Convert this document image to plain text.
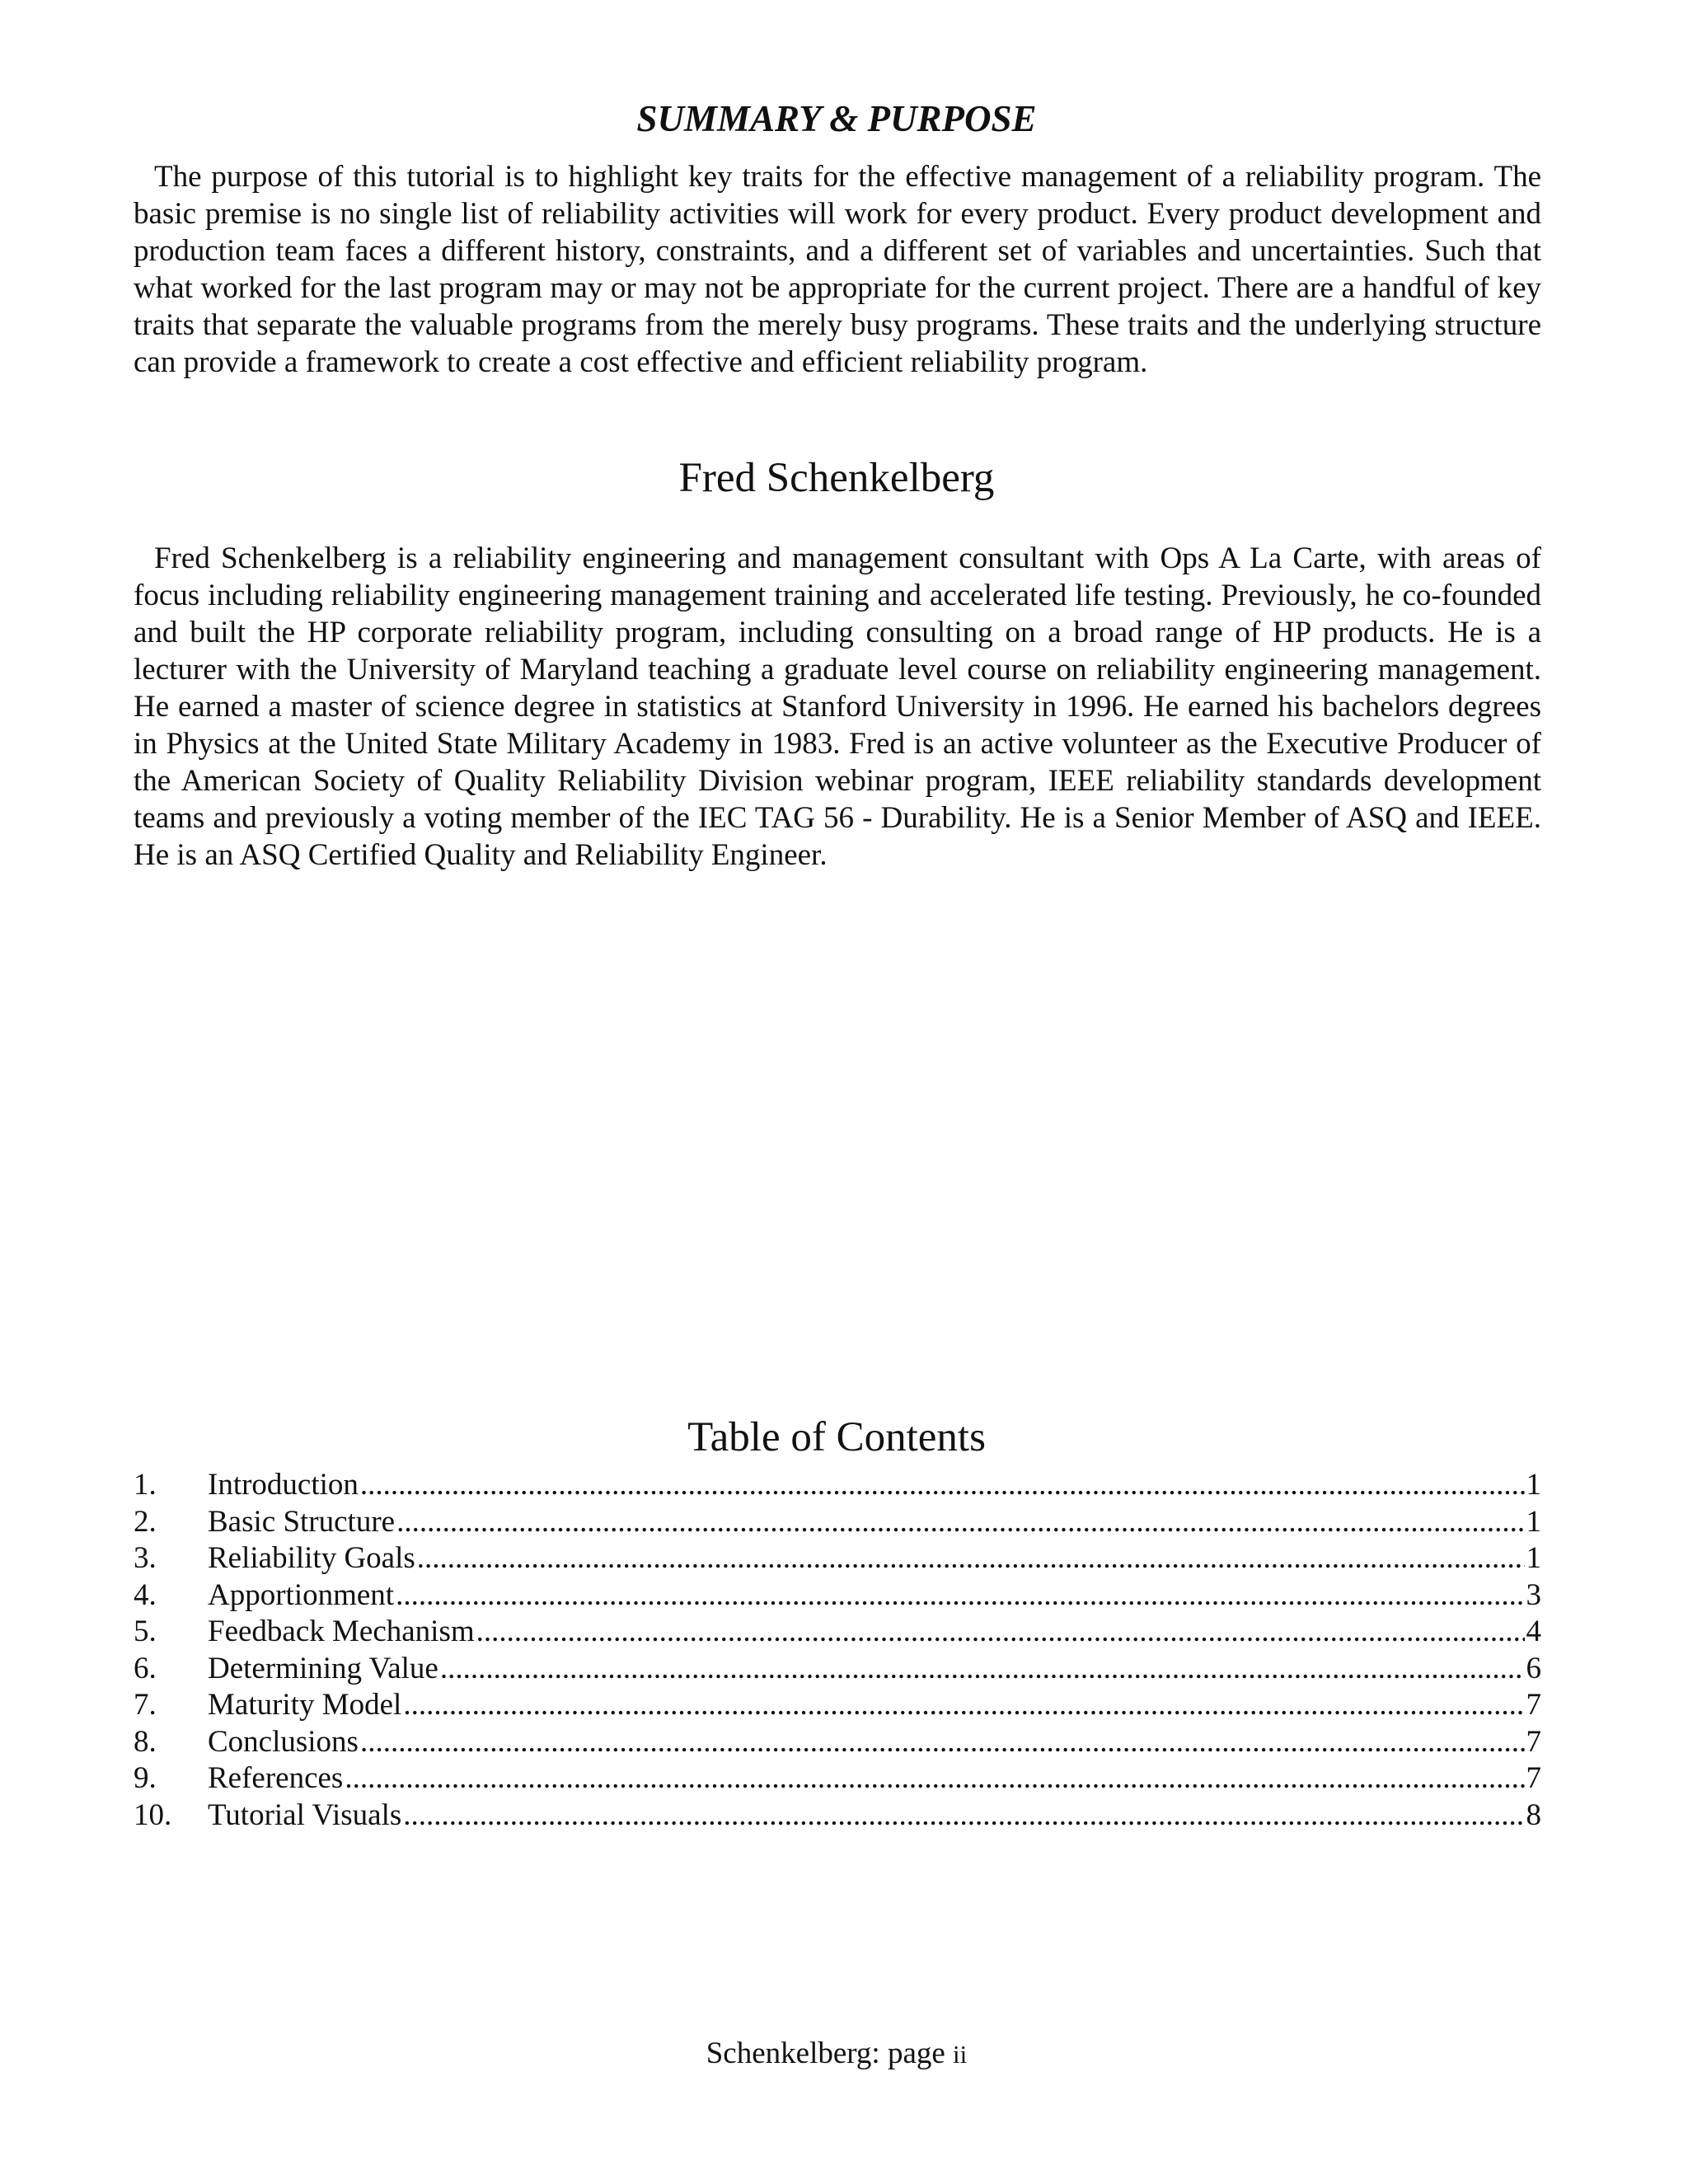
SUMMARY & PURPOSE

The purpose of this tutorial is to highlight key traits for the effective management of a reliability program. The basic premise is no single list of reliability activities will work for every product. Every product development and production team faces a different history, constraints, and a different set of variables and uncertainties. Such that what worked for the last program may or may not be appropriate for the current project. There are a handful of key traits that separate the valuable programs from the merely busy programs. These traits and the underlying structure can provide a framework to create a cost effective and efficient reliability program.

Fred Schenkelberg

Fred Schenkelberg is a reliability engineering and management consultant with Ops A La Carte, with areas of focus including reliability engineering management training and accelerated life testing. Previously, he co-founded and built the HP corporate reliability program, including consulting on a broad range of HP products. He is a lecturer with the University of Maryland teaching a graduate level course on reliability engineering management. He earned a master of science degree in statistics at Stanford University in 1996. He earned his bachelors degrees in Physics at the United State Military Academy in 1983. Fred is an active volunteer as the Executive Producer of the American Society of Quality Reliability Division webinar program, IEEE reliability standards development teams and previously a voting member of the IEC TAG 56 - Durability. He is a Senior Member of ASQ and IEEE. He is an ASQ Certified Quality and Reliability Engineer.

Table of Contents
1.	Introduction .....	1
2.	Basic Structure .....	1
3.	Reliability Goals .....	1
4.	Apportionment .....	3
5.	Feedback Mechanism .....	4
6.	Determining Value .....	6
7.	Maturity Model .....	7
8.	Conclusions .....	7
9.	References .....	7
10.	Tutorial Visuals .....	8

Schenkelberg: page ii
